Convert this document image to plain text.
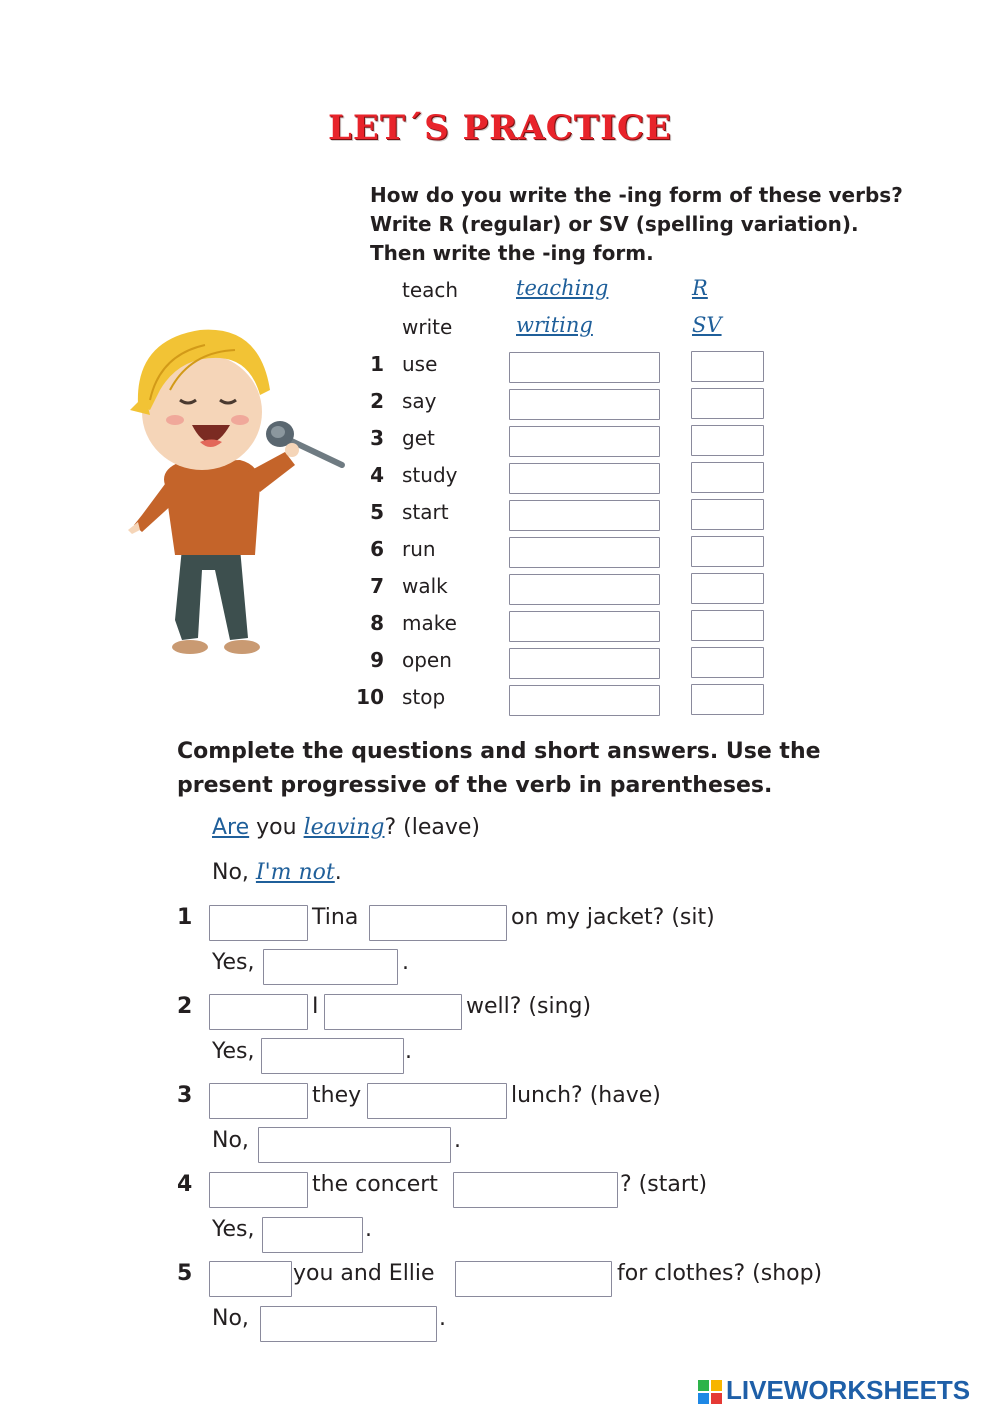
LET´S PRACTICE
How do you write the -ing form of these verbs?
Write R (regular) or SV (spelling variation).
Then write the -ing form.
teach	teaching	R
write	writing	SV
1 use
2 say
3 get
4 study
5 start
6 run
7 walk
8 make
9 open
10 stop
Complete the questions and short answers. Use the
present progressive of the verb in parentheses.
Are you leaving? (leave)
No, I'm not.
1	Tina	on my jacket? (sit)
Yes,	.
2	I	well? (sing)
Yes,	.
3	they	lunch? (have)
No,	.
4	the concert	? (start)
Yes,	.
5	you and Ellie	for clothes? (shop)
No,	.
LIVEWORKSHEETS
